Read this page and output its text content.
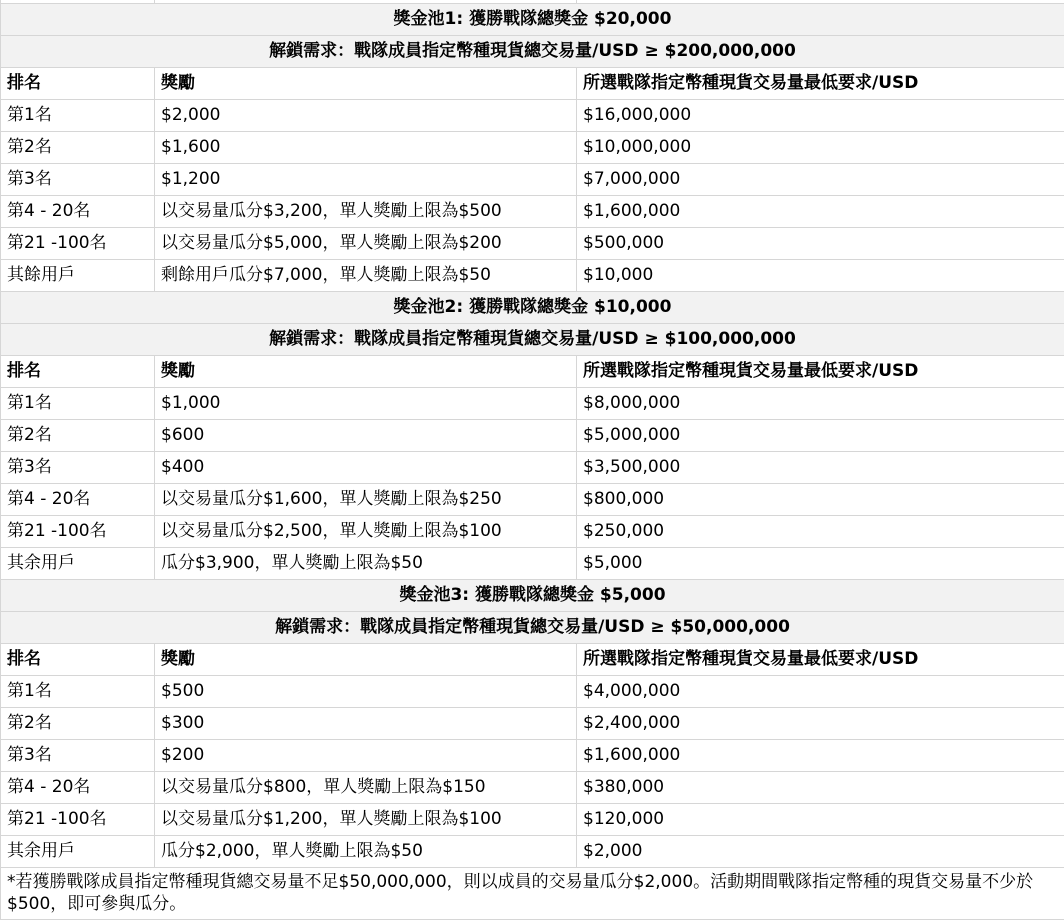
獎金池1: 獲勝戰隊總獎金 $20,000		
解鎖需求：戰隊成員指定幣種現貨總交易量/USD ≥ $200,000,000		
排名	獎勵	所選戰隊指定幣種現貨交易量最低要求/USD
第1名	$2,000	$16,000,000
第2名	$1,600	$10,000,000
第3名	$1,200	$7,000,000
第4 - 20名	以交易量瓜分$3,200，單人獎勵上限為$500	$1,600,000
第21 -100名	以交易量瓜分$5,000，單人獎勵上限為$200	$500,000
其餘用戶	剩餘用戶瓜分$7,000，單人獎勵上限為$50	$10,000
獎金池2: 獲勝戰隊總獎金 $10,000		
解鎖需求：戰隊成員指定幣種現貨總交易量/USD ≥ $100,000,000		
排名	獎勵	所選戰隊指定幣種現貨交易量最低要求/USD
第1名	$1,000	$8,000,000
第2名	$600	$5,000,000
第3名	$400	$3,500,000
第4 - 20名	以交易量瓜分$1,600，單人獎勵上限為$250	$800,000
第21 -100名	以交易量瓜分$2,500，單人獎勵上限為$100	$250,000
其余用戶	瓜分$3,900，單人獎勵上限為$50	$5,000
獎金池3: 獲勝戰隊總獎金 $5,000		
解鎖需求：戰隊成員指定幣種現貨總交易量/USD ≥ $50,000,000		
排名	獎勵	所選戰隊指定幣種現貨交易量最低要求/USD
第1名	$500	$4,000,000
第2名	$300	$2,400,000
第3名	$200	$1,600,000
第4 - 20名	以交易量瓜分$800，單人獎勵上限為$150	$380,000
第21 -100名	以交易量瓜分$1,200，單人獎勵上限為$100	$120,000
其余用戶	瓜分$2,000，單人獎勵上限為$50	$2,000
*若獲勝戰隊成員指定幣種現貨總交易量不足$50,000,000，則以成員的交易量瓜分$2,000。活動期間戰隊指定幣種的現貨交易量不少於$500，即可參與瓜分。		
